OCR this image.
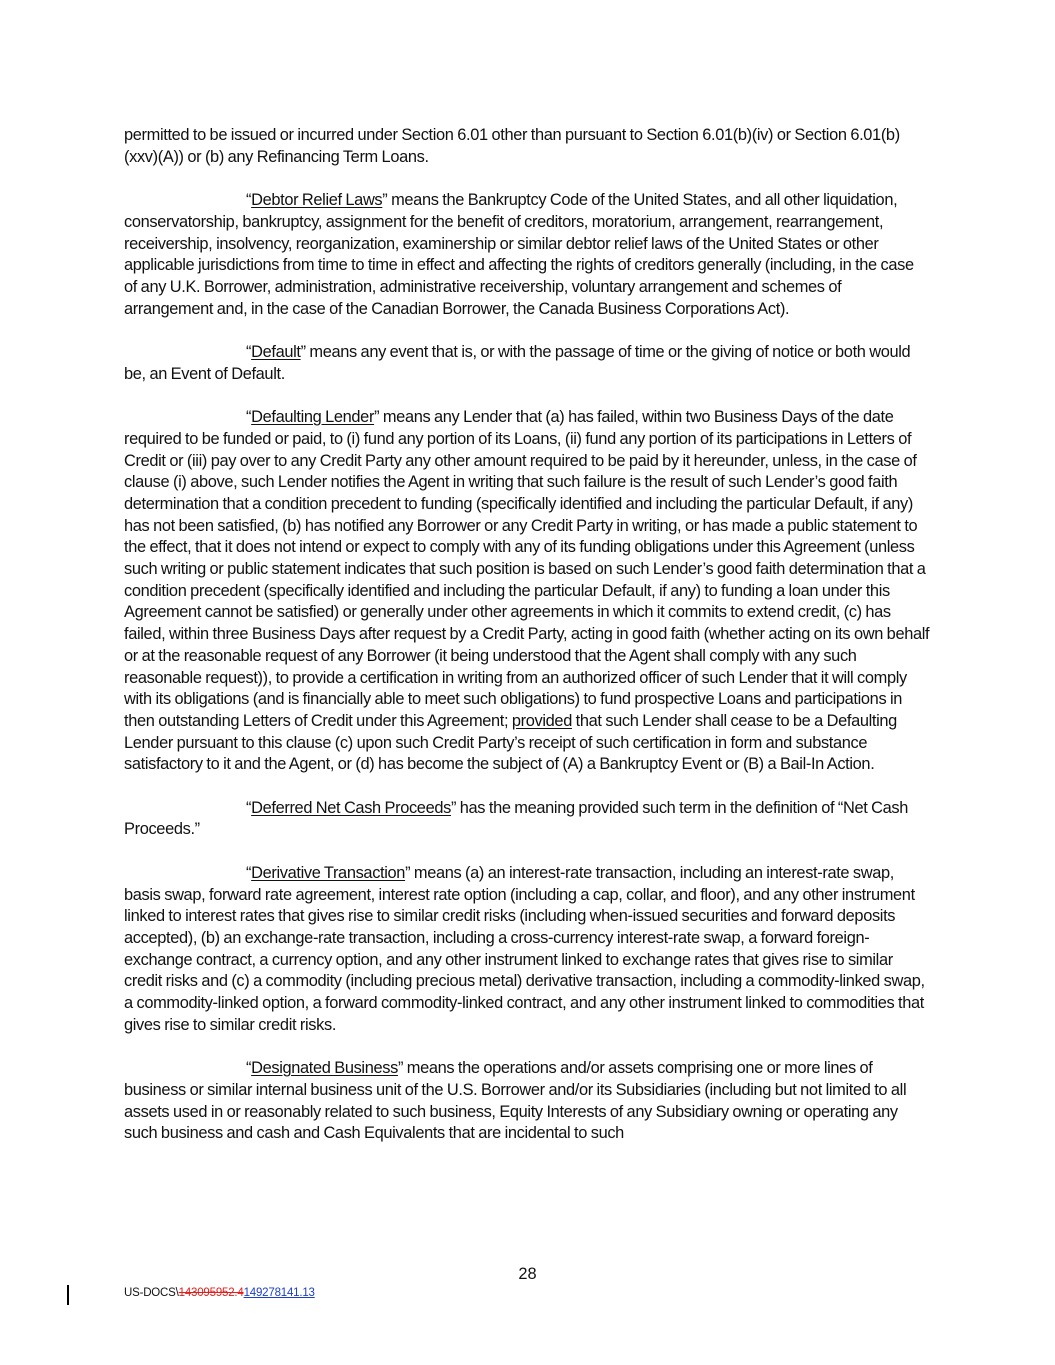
permitted to be issued or incurred under Section 6.01 other than pursuant to Section 6.01(b)(iv) or Section 6.01(b)(xxv)(A)) or (b) any Refinancing Term Loans.

“Debtor Relief Laws” means the Bankruptcy Code of the United States, and all other liquidation, conservatorship, bankruptcy, assignment for the benefit of creditors, moratorium, arrangement, rearrangement, receivership, insolvency, reorganization, examinership or similar debtor relief laws of the United States or other applicable jurisdictions from time to time in effect and affecting the rights of creditors generally (including, in the case of any U.K. Borrower, administration, administrative receivership, voluntary arrangement and schemes of arrangement and, in the case of the Canadian Borrower, the Canada Business Corporations Act).

“Default” means any event that is, or with the passage of time or the giving of notice or both would be, an Event of Default.

“Defaulting Lender” means any Lender that (a) has failed, within two Business Days of the date required to be funded or paid, to (i) fund any portion of its Loans, (ii) fund any portion of its participations in Letters of Credit or (iii) pay over to any Credit Party any other amount required to be paid by it hereunder, unless, in the case of clause (i) above, such Lender notifies the Agent in writing that such failure is the result of such Lender’s good faith determination that a condition precedent to funding (specifically identified and including the particular Default, if any) has not been satisfied, (b) has notified any Borrower or any Credit Party in writing, or has made a public statement to the effect, that it does not intend or expect to comply with any of its funding obligations under this Agreement (unless such writing or public statement indicates that such position is based on such Lender’s good faith determination that a condition precedent (specifically identified and including the particular Default, if any) to funding a loan under this Agreement cannot be satisfied) or generally under other agreements in which it commits to extend credit, (c) has failed, within three Business Days after request by a Credit Party, acting in good faith (whether acting on its own behalf or at the reasonable request of any Borrower (it being understood that the Agent shall comply with any such reasonable request)), to provide a certification in writing from an authorized officer of such Lender that it will comply with its obligations (and is financially able to meet such obligations) to fund prospective Loans and participations in then outstanding Letters of Credit under this Agreement; provided that such Lender shall cease to be a Defaulting Lender pursuant to this clause (c) upon such Credit Party’s receipt of such certification in form and substance satisfactory to it and the Agent, or (d) has become the subject of (A) a Bankruptcy Event or (B) a Bail-In Action.

“Deferred Net Cash Proceeds” has the meaning provided such term in the definition of “Net Cash Proceeds.”

“Derivative Transaction” means (a) an interest-rate transaction, including an interest-rate swap, basis swap, forward rate agreement, interest rate option (including a cap, collar, and floor), and any other instrument linked to interest rates that gives rise to similar credit risks (including when-issued securities and forward deposits accepted), (b) an exchange-rate transaction, including a cross-currency interest-rate swap, a forward foreign-exchange contract, a currency option, and any other instrument linked to exchange rates that gives rise to similar credit risks and (c) a commodity (including precious metal) derivative transaction, including a commodity-linked swap, a commodity-linked option, a forward commodity-linked contract, and any other instrument linked to commodities that gives rise to similar credit risks.

“Designated Business” means the operations and/or assets comprising one or more lines of business or similar internal business unit of the U.S. Borrower and/or its Subsidiaries (including but not limited to all assets used in or reasonably related to such business, Equity Interests of any Subsidiary owning or operating any such business and cash and Cash Equivalents that are incidental to such

28
US-DOCS\143095952.4149278141.13
